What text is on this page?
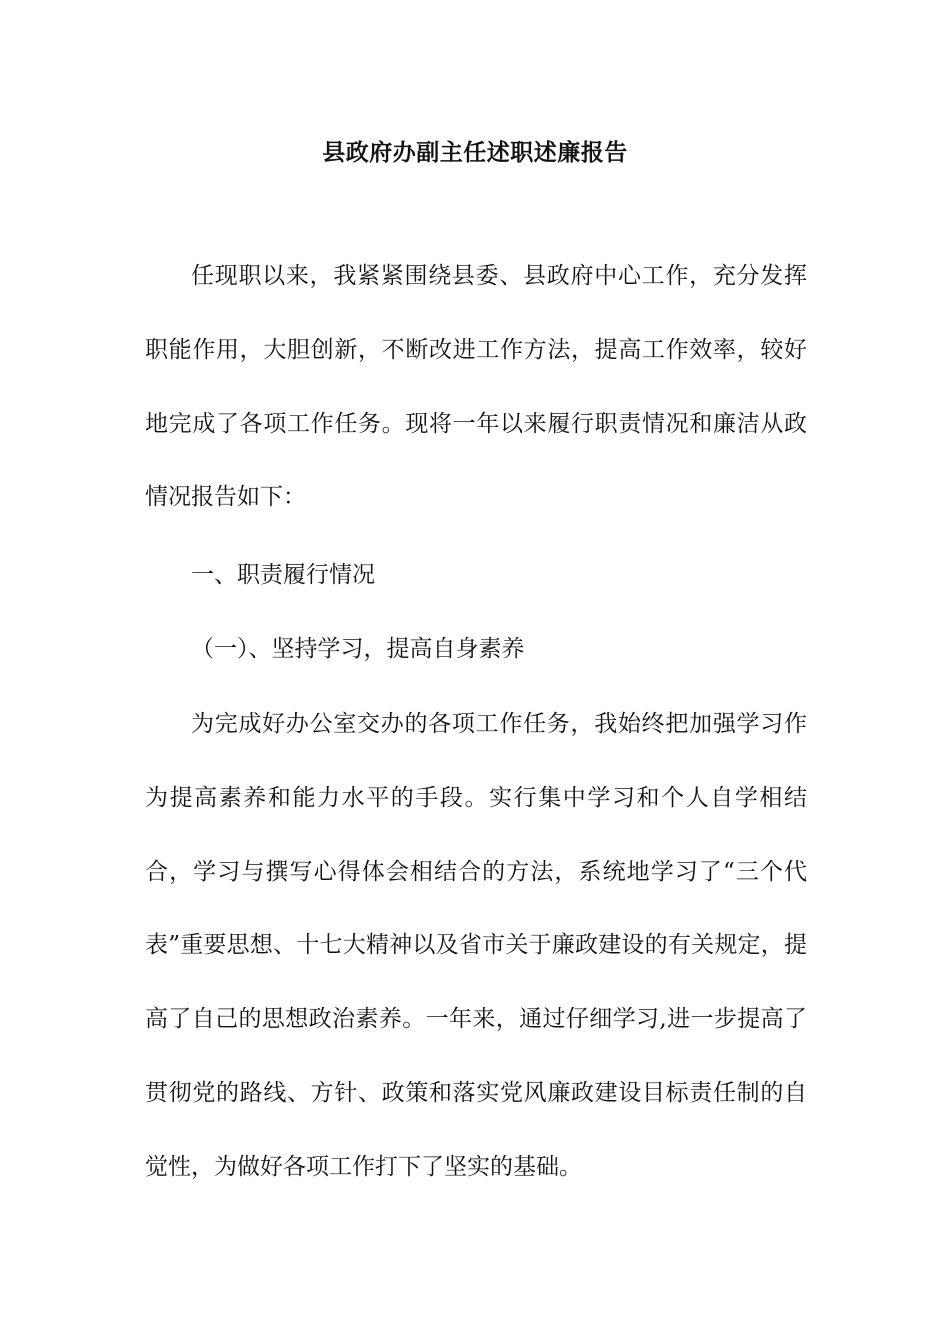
县政府办副主任述职述廉报告

任现职以来，我紧紧围绕县委、县政府中心工作，充分发挥职能作用，大胆创新，不断改进工作方法，提高工作效率，较好地完成了各项工作任务。现将一年以来履行职责情况和廉洁从政情况报告如下：

一、职责履行情况

（一）、坚持学习，提高自身素养

为完成好办公室交办的各项工作任务，我始终把加强学习作为提高素养和能力水平的手段。实行集中学习和个人自学相结合，学习与撰写心得体会相结合的方法，系统地学习了“三个代表”重要思想、十七大精神以及省市关于廉政建设的有关规定，提高了自己的思想政治素养。一年来，通过仔细学习,进一步提高了贯彻党的路线、方针、政策和落实党风廉政建设目标责任制的自觉性，为做好各项工作打下了坚实的基础。
